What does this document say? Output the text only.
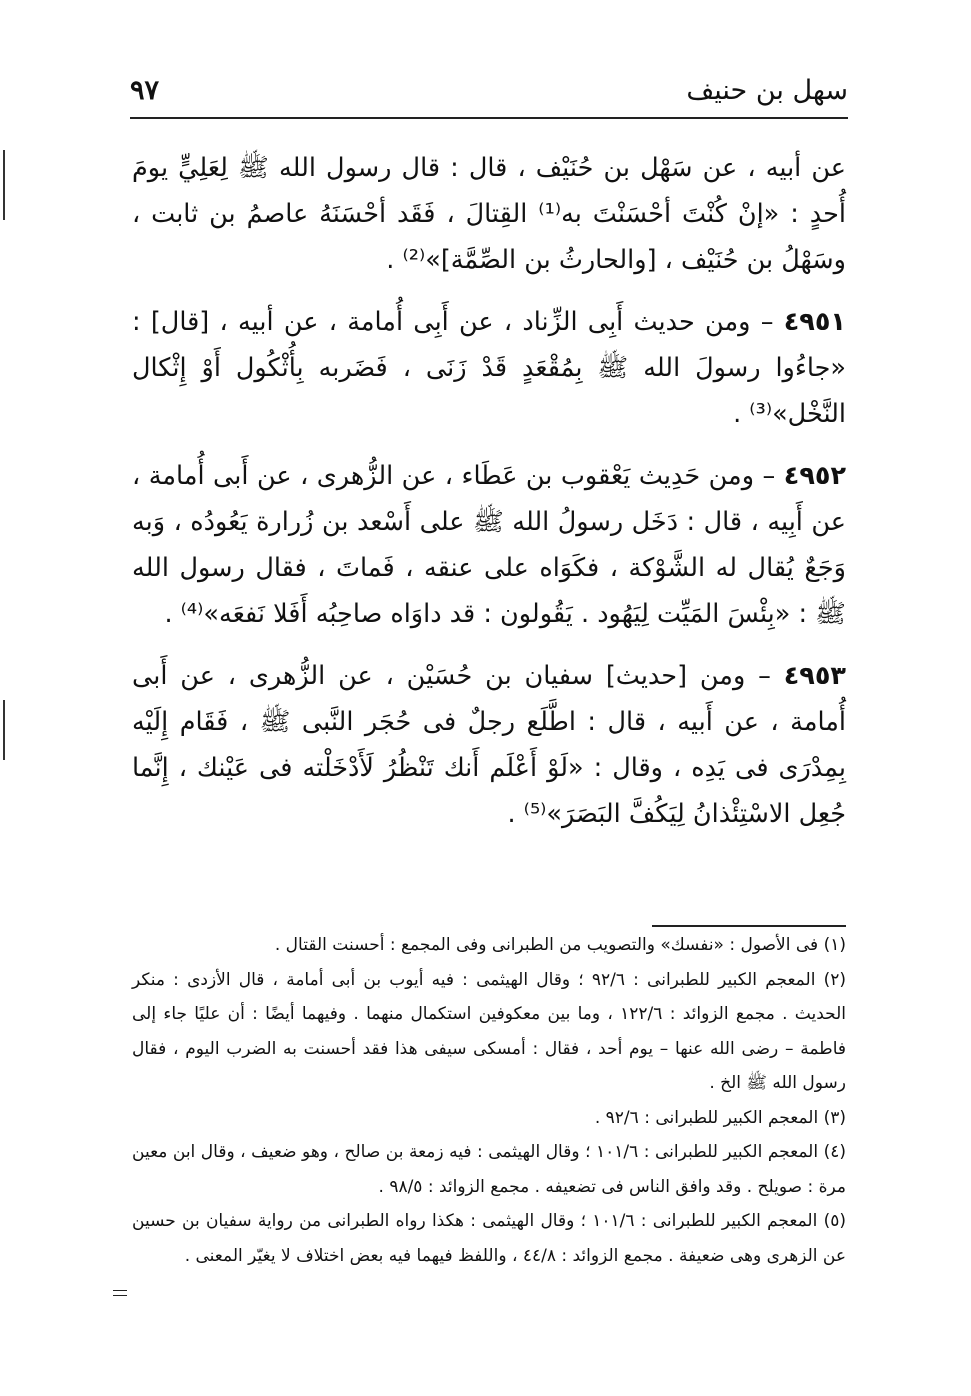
سهل بن حنيف
٩٧

عن أبيه ، عن سَهْل بن حُنَيْف ، قال : قال رسول الله ﷺ لِعَلِيٍّ يومَ أُحدٍ : «إنْ كُنْتَ أحْسَنْتَ به⁽¹⁾ القِتالَ ، فَقَد أحْسَنَهُ عاصمُ بن ثابت ، وسَهْلُ بن حُنَيْف ، [والحارثُ بن الصِّمَّة]»⁽²⁾ .

٤٩٥١ – ومن حديث أَبِى الزِّناد ، عن أَبِى أُمامة ، عن أبيه ، [قال] : «جاءُوا رسولَ الله ﷺ بِمُقْعَدٍ قَدْ زَنَى ، فَضَربه بِأُثْكُول أَوْ إِثْكال النَّخْل»⁽³⁾ .

٤٩٥٢ – ومن حَدِيث يَعْقوب بن عَطَاء ، عن الزُّهرى ، عن أَبى أُمامة ، عن أَبِيه ، قال : دَخَل رسولُ الله ﷺ على أَسْعد بن زُرارة يَعُودُه ، وَبه وَجَعٌ يُقال له الشَّوْكة ، فكَوَاه على عنقه ، فَماتَ ، فقال رسول الله ﷺ : «بِئْسَ المَيِّت لِيَهُود . يَقُولون : قد داوَاه صاحِبُه أَفَلا نَفعَه»⁽⁴⁾ .

٤٩٥٣ – ومن [حديث] سفيان بن حُسَيْن ، عن الزُّهرى ، عن أَبى أُمامة ، عن أَبيه ، قال : اطَّلَع رجلٌ فى حُجَر النَّبى ﷺ ، فَقَام إِلَيْه بِمِدْرَى فى يَدِه ، وقال : «لَوْ أَعْلَم أَنك تَنْظُرُ لَأَدْخَلْته فى عَيْنك ، إِنَّما جُعِل الاسْتِئْذانُ لِيَكُفَّ البَصَرَ»⁽⁵⁾ .

(١) فى الأصول : «نفسك» والتصويب من الطبرانى وفى المجمع : أحسنت القتال .

(٢) المعجم الكبير للطبرانى : ٩٢/٦ ؛ وقال الهيثمى : فيه أيوب بن أبى أمامة ، قال الأزدى : منكر الحديث . مجمع الزوائد : ١٢٢/٦ ، وما بين معكوفين استكمال منهما . وفيهما أيضًا : أن عليًا جاء إلى فاطمة – رضى الله عنها – يوم أحد ، فقال : أمسكى سيفى هذا فقد أحسنت به الضرب اليوم ، فقال رسول الله ﷺ الخ .

(٣) المعجم الكبير للطبرانى : ٩٢/٦ .

(٤) المعجم الكبير للطبرانى : ١٠١/٦ ؛ وقال الهيثمى : فيه زمعة بن صالح ، وهو ضعيف ، وقال ابن معين مرة : صويلح . وقد وافق الناس فى تضعيفه . مجمع الزوائد : ٩٨/٥ .

(٥) المعجم الكبير للطبرانى : ١٠١/٦ ؛ وقال الهيثمى : هكذا رواه الطبرانى من رواية سفيان بن حسين عن الزهرى وهى ضعيفة . مجمع الزوائد : ٤٤/٨ ، واللفظ فيهما فيه بعض اختلاف لا يغيّر المعنى .
